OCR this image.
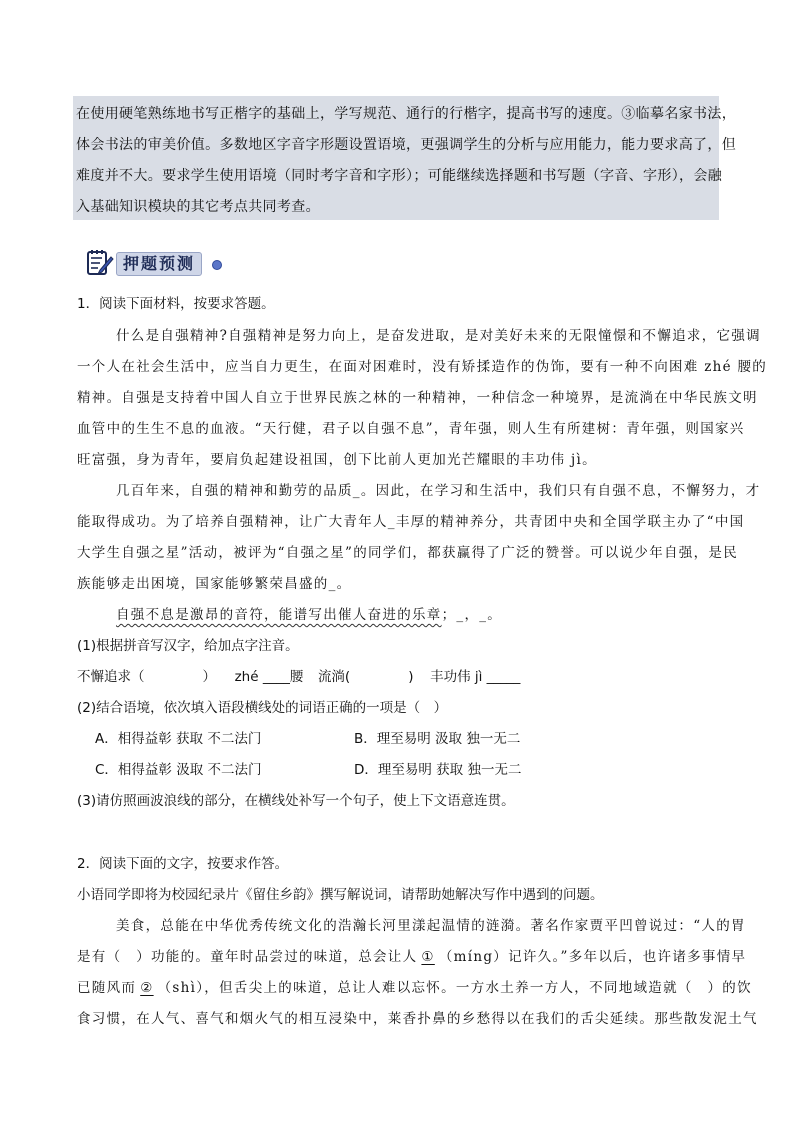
在使用硬笔熟练地书写正楷字的基础上，学写规范、通行的行楷字，提高书写的速度。③临摹名家书法，

体会书法的审美价值。多数地区字音字形题设置语境，更强调学生的分析与应用能力，能力要求高了，但

难度并不大。要求学生使用语境（同时考字音和字形）；可能继续选择题和书写题（字音、字形），会融

入基础知识模块的其它考点共同考查。

押题预测
1．阅读下面材料，按要求答题。
什么是自强精神?自强精神是努力向上，是奋发进取，是对美好未来的无限憧憬和不懈追求，它强调
一个人在社会生活中，应当自力更生，在面对困难时，没有矫揉造作的伪饰，要有一种不向困难 zhé 腰的
精神。自强是支持着中国人自立于世界民族之林的一种精神，一种信念一种境界，是流淌在中华民族文明
血管中的生生不息的血液。“天行健，君子以自强不息”，青年强，则人生有所建树：青年强，则国家兴
旺富强，身为青年，要肩负起建设祖国，创下比前人更加光芒耀眼的丰功伟 jì。
几百年来，自强的精神和勤劳的品质_。因此，在学习和生活中，我们只有自强不息，不懈努力，才
能取得成功。为了培养自强精神，让广大青年人_丰厚的精神养分，共青团中央和全国学联主办了“中国
大学生自强之星”活动，被评为“自强之星”的同学们，都获赢得了广泛的赞誉。可以说少年自强，是民
族能够走出困境，国家能够繁荣昌盛的_。
自强不息是激昂的音符，能谱写出催人奋进的乐章；_，_。
(1)根据拼音写汉字，给加点字注音。
不懈追求（	） zhé ____腰 流淌(	) 丰功伟 jì _____
(2)结合语境，依次填入语段横线处的词语正确的一项是（　）
A．相得益彰 获取 不二法门	B．理至易明 汲取 独一无二
C．相得益彰 汲取 不二法门	D．理至易明 获取 独一无二
(3)请仿照画波浪线的部分，在横线处补写一个句子，使上下文语意连贯。
2．阅读下面的文字，按要求作答。
小语同学即将为校园纪录片《留住乡韵》撰写解说词，请帮助她解决写作中遇到的问题。
美食，总能在中华优秀传统文化的浩瀚长河里漾起温情的涟漪。著名作家贾平凹曾说过：“人的胃
是有（　）功能的。童年时品尝过的味道，总会让人 ① （míng）记许久。”多年以后，也许诸多事情早
已随风而 ② （shì），但舌尖上的味道，总让人难以忘怀。一方水土养一方人，不同地域造就（　）的饮
食习惯，在人气、喜气和烟火气的相互浸染中，莱香扑鼻的乡愁得以在我们的舌尖延续。那些散发泥土气
